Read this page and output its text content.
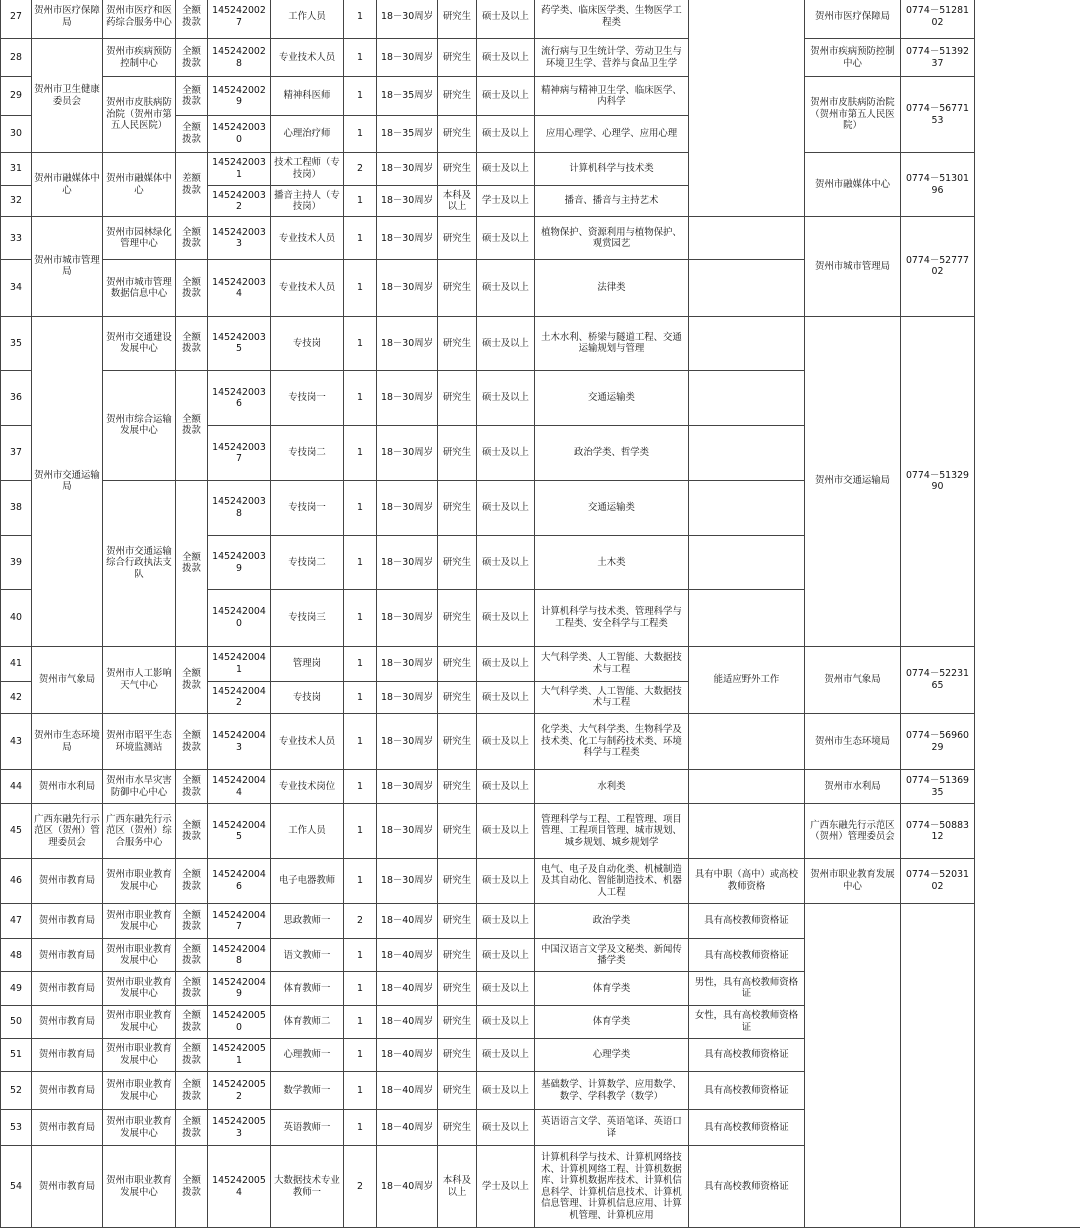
27	贺州市医疗保障局	贺州市医疗和医药综合服务中心	全额拨款	1452420027	工作人员	1	18－30周岁	研究生	硕士及以上	药学类、临床医学类、生物医学工程类		贺州市医疗保障局	0774－5128102	
28	贺州市卫生健康委员会	贺州市疾病预防控制中心	全额拨款	1452420028	专业技术人员	1	18－30周岁	研究生	硕士及以上	流行病与卫生统计学、劳动卫生与环境卫生学、营养与食品卫生学		贺州市疾病预防控制中心	0774－5139237	
29		贺州市皮肤病防治院（贺州市第五人民医院）	全额拨款	1452420029	精神科医师	1	18－35周岁	研究生	硕士及以上	精神病与精神卫生学、临床医学、内科学		贺州市皮肤病防治院（贺州市第五人民医院）	0774－5677153	
30			全额拨款	1452420030	心理治疗师	1	18－35周岁	研究生	硕士及以上	应用心理学、心理学、应用心理				
31	贺州市融媒体中心	贺州市融媒体中心	差额拨款	1452420031	技术工程师（专技岗）	2	18－30周岁	研究生	硕士及以上	计算机科学与技术类		贺州市融媒体中心	0774－5130196	
32				1452420032	播音主持人（专技岗）	1	18－30周岁	本科及以上	学士及以上	播音、播音与主持艺术				
33	贺州市城市管理局	贺州市园林绿化管理中心	全额拨款	1452420033	专业技术人员	1	18－30周岁	研究生	硕士及以上	植物保护、资源利用与植物保护、观赏园艺		贺州市城市管理局	0774－5277702	
34		贺州市城市管理数据信息中心	全额拨款	1452420034	专业技术人员	1	18－30周岁	研究生	硕士及以上	法律类				
35	贺州市交通运输局	贺州市交通建设发展中心	全额拨款	1452420035	专技岗	1	18－30周岁	研究生	硕士及以上	土木水利、桥梁与隧道工程、交通运输规划与管理		贺州市交通运输局	0774－5132990	
36		贺州市综合运输发展中心	全额拨款	1452420036	专技岗一	1	18－30周岁	研究生	硕士及以上	交通运输类				
37				1452420037	专技岗二	1	18－30周岁	研究生	硕士及以上	政治学类、哲学类				
38		贺州市交通运输综合行政执法支队	全额拨款	1452420038	专技岗一	1	18－30周岁	研究生	硕士及以上	交通运输类				
39				1452420039	专技岗二	1	18－30周岁	研究生	硕士及以上	土木类				
40				1452420040	专技岗三	1	18－30周岁	研究生	硕士及以上	计算机科学与技术类、管理科学与工程类、安全科学与工程类				
41	贺州市气象局	贺州市人工影响天气中心	全额拨款	1452420041	管理岗	1	18－30周岁	研究生	硕士及以上	大气科学类、人工智能、大数据技术与工程	能适应野外工作	贺州市气象局	0774－5223165	
42				1452420042	专技岗	1	18－30周岁	研究生	硕士及以上	大气科学类、人工智能、大数据技术与工程				
43	贺州市生态环境局	贺州市昭平生态环境监测站	全额拨款	1452420043	专业技术人员	1	18－30周岁	研究生	硕士及以上	化学类、大气科学类、生物科学及技术类、化工与制药技术类、环境科学与工程类		贺州市生态环境局	0774－5696029	
44	贺州市水利局	贺州市水旱灾害防御中心中心	全额拨款	1452420044	专业技术岗位	1	18－30周岁	研究生	硕士及以上	水利类		贺州市水利局	0774－5136935	
45	广西东融先行示范区（贺州）管理委员会	广西东融先行示范区（贺州）综合服务中心	全额拨款	1452420045	工作人员	1	18－30周岁	研究生	硕士及以上	管理科学与工程、工程管理、项目管理、工程项目管理、城市规划、城乡规划、城乡规划学		广西东融先行示范区（贺州）管理委员会	0774－5088312	
46	贺州市教育局	贺州市职业教育发展中心	全额拨款	1452420046	电子电器教师	1	18－30周岁	研究生	硕士及以上	电气、电子及自动化类、机械制造及其自动化、智能制造技术、机器人工程	具有中职（高中）或高校教师资格	贺州市职业教育发展中心	0774－5203102	
47	贺州市教育局	贺州市职业教育发展中心	全额拨款	1452420047	思政教师一	2	18－40周岁	研究生	硕士及以上	政治学类	具有高校教师资格证			
48	贺州市教育局	贺州市职业教育发展中心	全额拨款	1452420048	语文教师一	1	18－40周岁	研究生	硕士及以上	中国汉语言文学及文秘类、新闻传播学类	具有高校教师资格证			
49	贺州市教育局	贺州市职业教育发展中心	全额拨款	1452420049	体育教师一	1	18－40周岁	研究生	硕士及以上	体育学类	男性，具有高校教师资格证			
50	贺州市教育局	贺州市职业教育发展中心	全额拨款	1452420050	体育教师二	1	18－40周岁	研究生	硕士及以上	体育学类	女性，具有高校教师资格证			
51	贺州市教育局	贺州市职业教育发展中心	全额拨款	1452420051	心理教师一	1	18－40周岁	研究生	硕士及以上	心理学类	具有高校教师资格证			
52	贺州市教育局	贺州市职业教育发展中心	全额拨款	1452420052	数学教师一	1	18－40周岁	研究生	硕士及以上	基础数学、计算数学、应用数学、数学、学科教学（数学）	具有高校教师资格证			
53	贺州市教育局	贺州市职业教育发展中心	全额拨款	1452420053	英语教师一	1	18－40周岁	研究生	硕士及以上	英语语言文学、英语笔译、英语口译	具有高校教师资格证			
54	贺州市教育局	贺州市职业教育发展中心	全额拨款	1452420054	大数据技术专业教师一	2	18－40周岁	本科及以上	学士及以上	计算机科学与技术、计算机网络技术、计算机网络工程、计算机数据库、计算机数据库技术、计算机信息科学、计算机信息技术、计算机信息管理、计算机信息应用、计算机管理、计算机应用	具有高校教师资格证			
